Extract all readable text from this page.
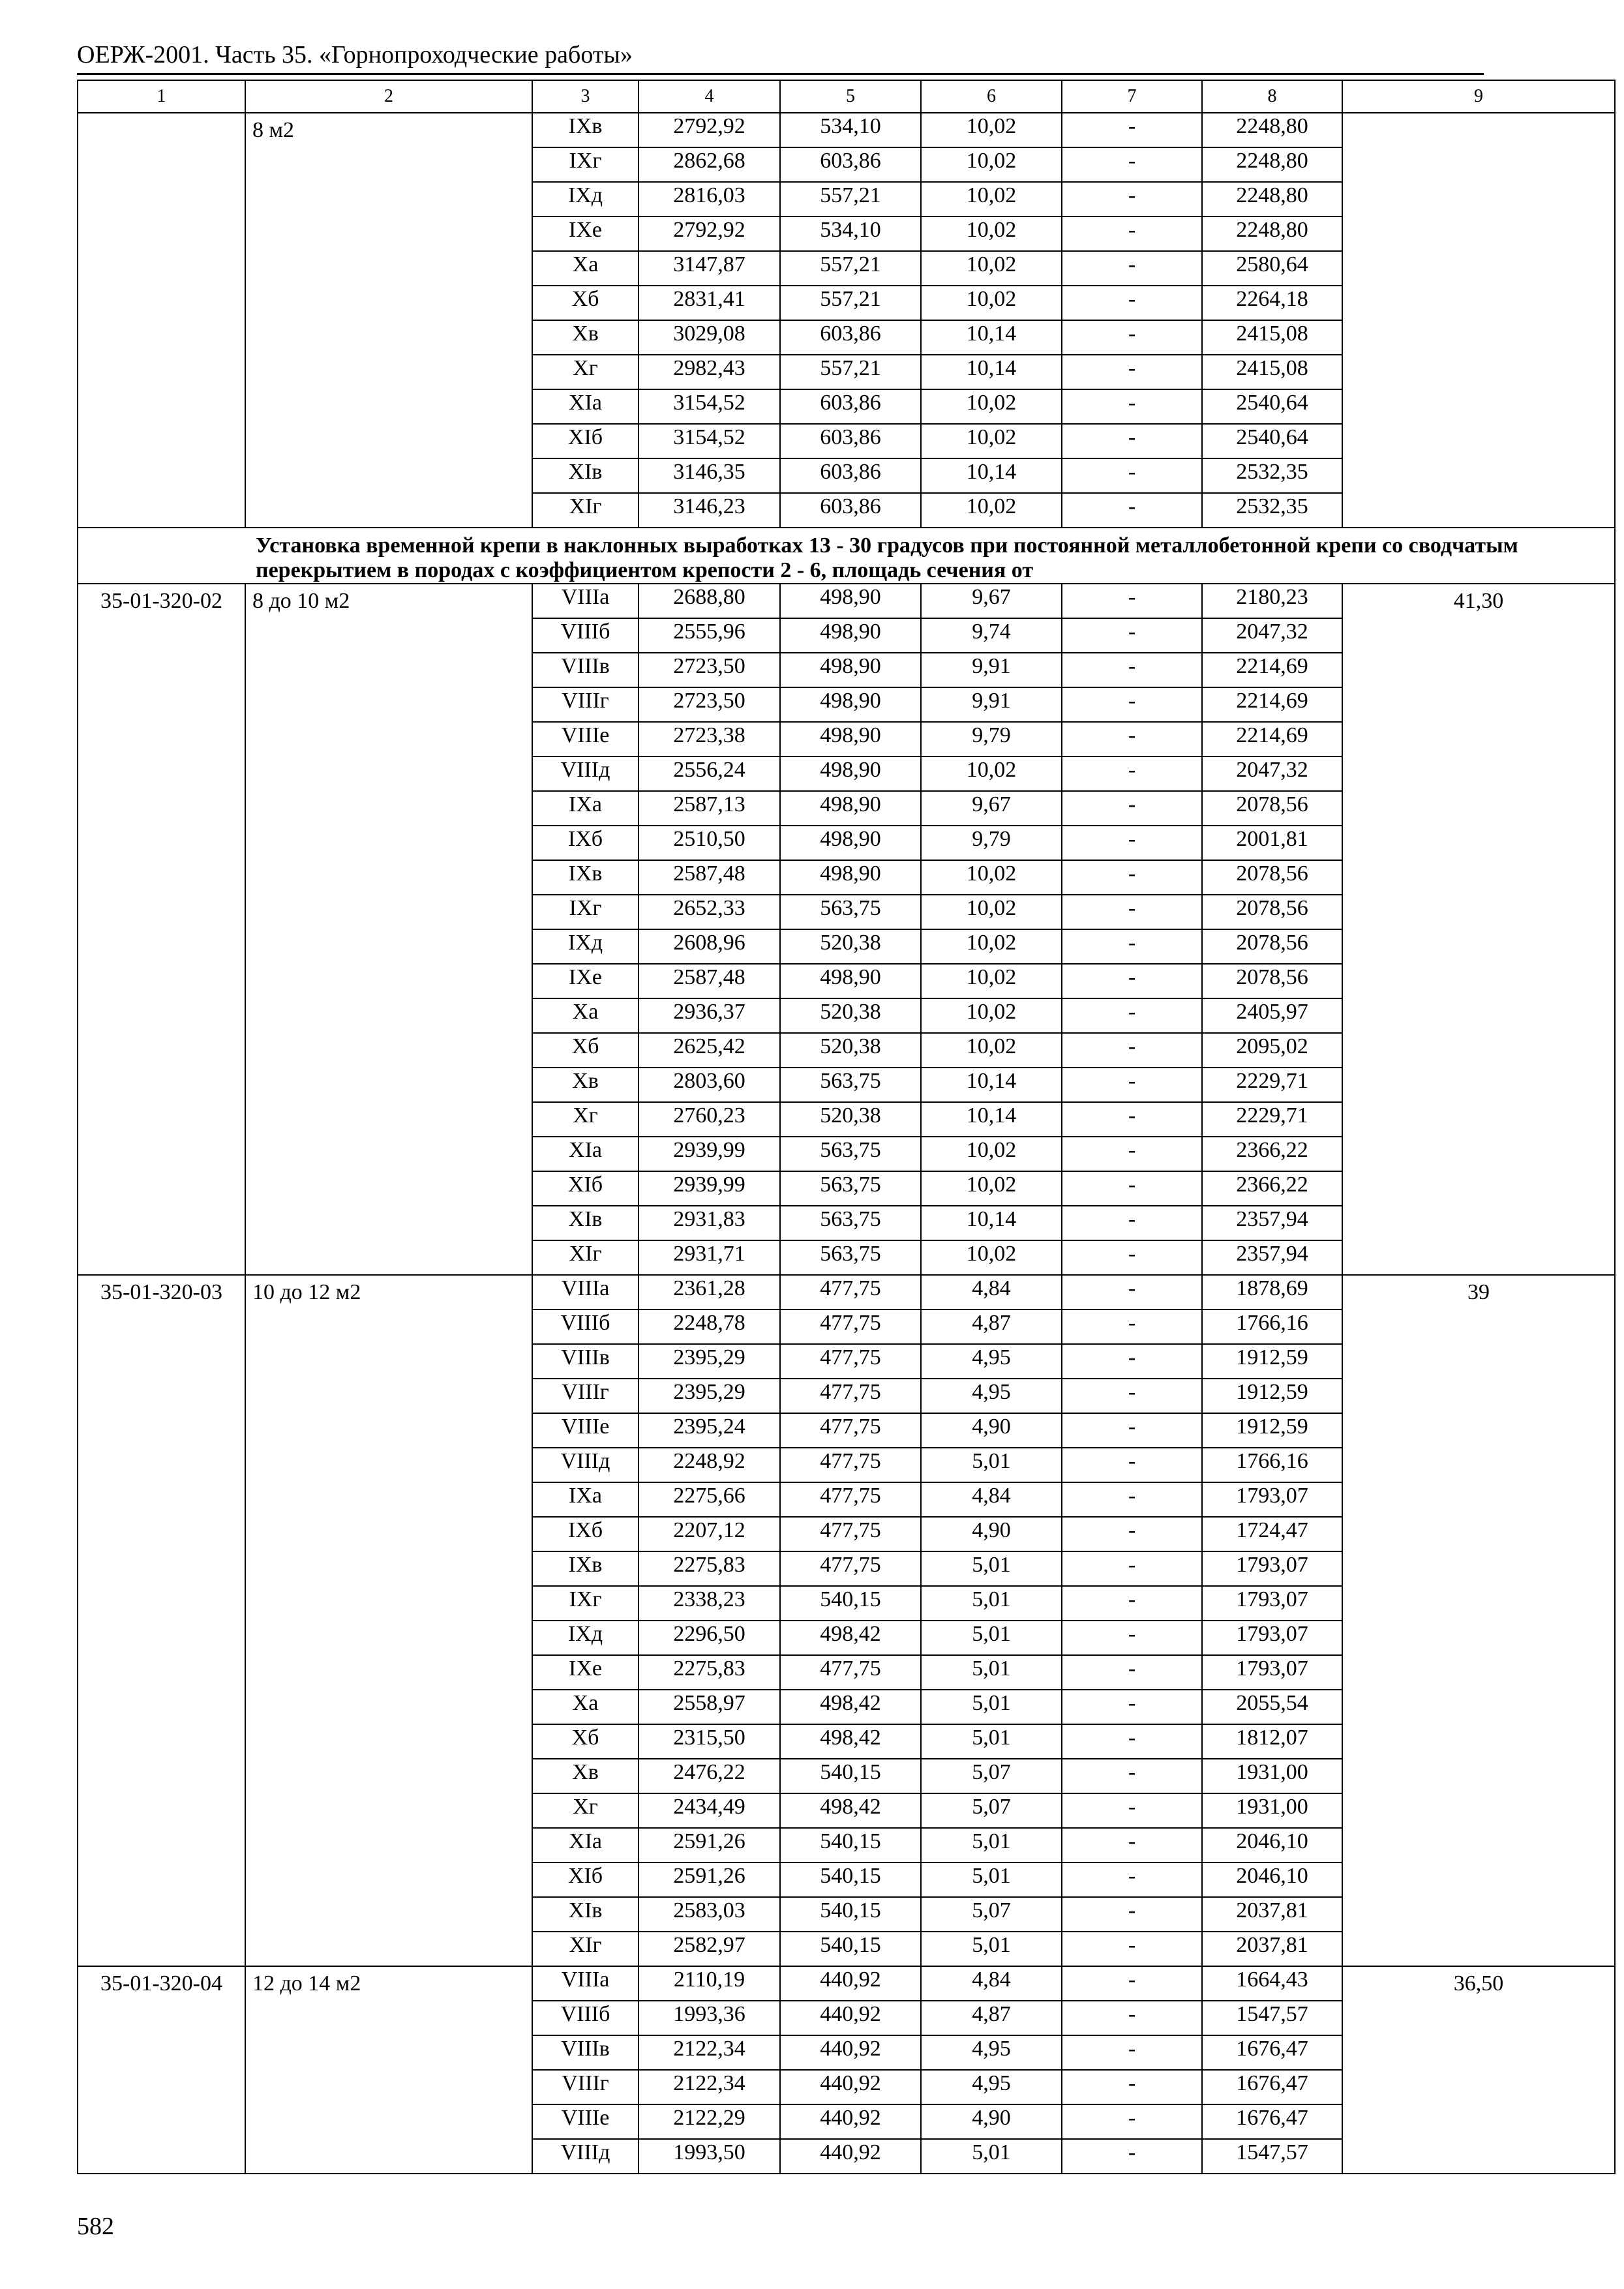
ОЕРЖ-2001. Часть 35. «Горнопроходческие работы»
1	2	3	4	5	6	7	8	9
	8 м2	IXв	2792,92	534,10	10,02	-	2248,80	
		IXг	2862,68	603,86	10,02	-	2248,80	
		IXд	2816,03	557,21	10,02	-	2248,80	
		IXе	2792,92	534,10	10,02	-	2248,80	
		Xа	3147,87	557,21	10,02	-	2580,64	
		Xб	2831,41	557,21	10,02	-	2264,18	
		Xв	3029,08	603,86	10,14	-	2415,08	
		Xг	2982,43	557,21	10,14	-	2415,08	
		XIа	3154,52	603,86	10,02	-	2540,64	
		XIб	3154,52	603,86	10,02	-	2540,64	
		XIв	3146,35	603,86	10,14	-	2532,35	
		XIг	3146,23	603,86	10,02	-	2532,35	
Установка временной крепи в наклонных выработках 13 - 30 градусов при постоянной металлобетонной крепи со сводчатым перекрытием в породах с коэффициентом крепости 2 - 6, площадь сечения от								
35-01-320-02	8 до 10 м2	VIIIа	2688,80	498,90	9,67	-	2180,23	41,30
		VIIIб	2555,96	498,90	9,74	-	2047,32	
		VIIIв	2723,50	498,90	9,91	-	2214,69	
		VIIIг	2723,50	498,90	9,91	-	2214,69	
		VIIIе	2723,38	498,90	9,79	-	2214,69	
		VIIIд	2556,24	498,90	10,02	-	2047,32	
		IXа	2587,13	498,90	9,67	-	2078,56	
		IXб	2510,50	498,90	9,79	-	2001,81	
		IXв	2587,48	498,90	10,02	-	2078,56	
		IXг	2652,33	563,75	10,02	-	2078,56	
		IXд	2608,96	520,38	10,02	-	2078,56	
		IXе	2587,48	498,90	10,02	-	2078,56	
		Xа	2936,37	520,38	10,02	-	2405,97	
		Xб	2625,42	520,38	10,02	-	2095,02	
		Xв	2803,60	563,75	10,14	-	2229,71	
		Xг	2760,23	520,38	10,14	-	2229,71	
		XIа	2939,99	563,75	10,02	-	2366,22	
		XIб	2939,99	563,75	10,02	-	2366,22	
		XIв	2931,83	563,75	10,14	-	2357,94	
		XIг	2931,71	563,75	10,02	-	2357,94	
35-01-320-03	10 до 12 м2	VIIIа	2361,28	477,75	4,84	-	1878,69	39
		VIIIб	2248,78	477,75	4,87	-	1766,16	
		VIIIв	2395,29	477,75	4,95	-	1912,59	
		VIIIг	2395,29	477,75	4,95	-	1912,59	
		VIIIе	2395,24	477,75	4,90	-	1912,59	
		VIIIд	2248,92	477,75	5,01	-	1766,16	
		IXа	2275,66	477,75	4,84	-	1793,07	
		IXб	2207,12	477,75	4,90	-	1724,47	
		IXв	2275,83	477,75	5,01	-	1793,07	
		IXг	2338,23	540,15	5,01	-	1793,07	
		IXд	2296,50	498,42	5,01	-	1793,07	
		IXе	2275,83	477,75	5,01	-	1793,07	
		Xа	2558,97	498,42	5,01	-	2055,54	
		Xб	2315,50	498,42	5,01	-	1812,07	
		Xв	2476,22	540,15	5,07	-	1931,00	
		Xг	2434,49	498,42	5,07	-	1931,00	
		XIа	2591,26	540,15	5,01	-	2046,10	
		XIб	2591,26	540,15	5,01	-	2046,10	
		XIв	2583,03	540,15	5,07	-	2037,81	
		XIг	2582,97	540,15	5,01	-	2037,81	
35-01-320-04	12 до 14 м2	VIIIа	2110,19	440,92	4,84	-	1664,43	36,50
		VIIIб	1993,36	440,92	4,87	-	1547,57	
		VIIIв	2122,34	440,92	4,95	-	1676,47	
		VIIIг	2122,34	440,92	4,95	-	1676,47	
		VIIIе	2122,29	440,92	4,90	-	1676,47	
		VIIIд	1993,50	440,92	5,01	-	1547,57	
582
